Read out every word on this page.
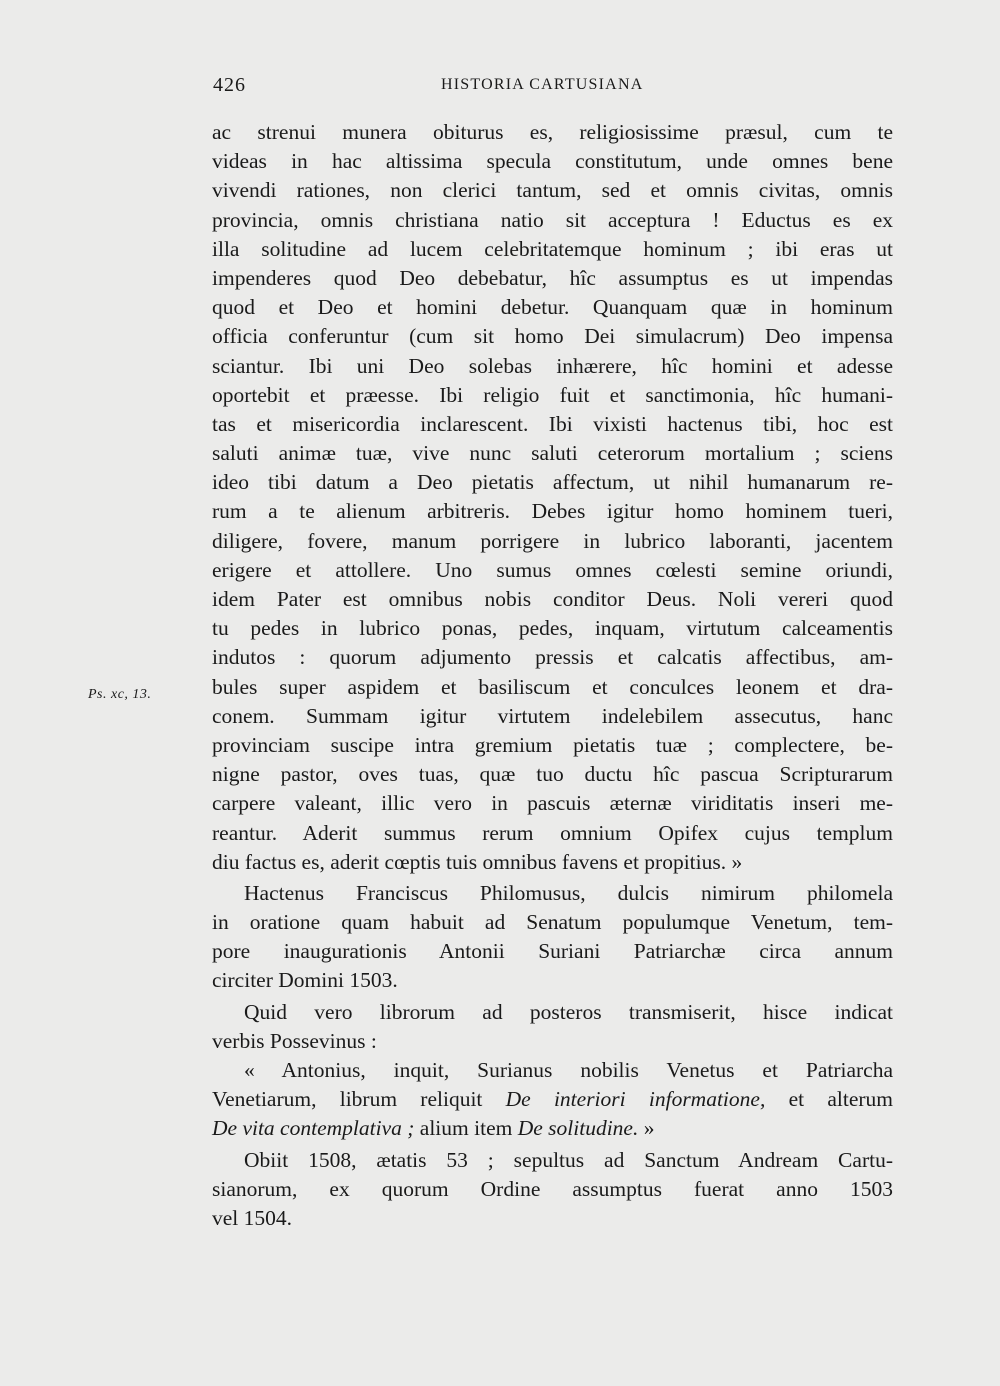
426	HISTORIA CARTUSIANA
Ps. xc, 13.

ac strenui munera obiturus es, religiosissime præsul, cum te
videas in hac altissima specula constitutum, unde omnes bene
vivendi rationes, non clerici tantum, sed et omnis civitas, omnis
provincia, omnis christiana natio sit acceptura ! Eductus es ex
illa solitudine ad lucem celebritatemque hominum ; ibi eras ut
impenderes quod Deo debebatur, hîc assumptus es ut impendas
quod et Deo et homini debetur. Quanquam quæ in hominum
officia conferuntur (cum sit homo Dei simulacrum) Deo impensa
sciantur. Ibi uni Deo solebas inhærere, hîc homini et adesse
oportebit et præesse. Ibi religio fuit et sanctimonia, hîc humani-
tas et misericordia inclarescent. Ibi vixisti hactenus tibi, hoc est
saluti animæ tuæ, vive nunc saluti ceterorum mortalium ; sciens
ideo tibi datum a Deo pietatis affectum, ut nihil humanarum re-
rum a te alienum arbitreris. Debes igitur homo hominem tueri,
diligere, fovere, manum porrigere in lubrico laboranti, jacentem
erigere et attollere. Uno sumus omnes cœlesti semine oriundi,
idem Pater est omnibus nobis conditor Deus. Noli vereri quod
tu pedes in lubrico ponas, pedes, inquam, virtutum calceamentis
indutos : quorum adjumento pressis et calcatis affectibus, am-
bules super aspidem et basiliscum et conculces leonem et dra-
conem. Summam igitur virtutem indelebilem assecutus, hanc
provinciam suscipe intra gremium pietatis tuæ ; complectere, be-
nigne pastor, oves tuas, quæ tuo ductu hîc pascua Scripturarum
carpere valeant, illic vero in pascuis æternæ viriditatis inseri me-
reantur. Aderit summus rerum omnium Opifex cujus templum
diu factus es, aderit cœptis tuis omnibus favens et propitius. »

Hactenus Franciscus Philomusus, dulcis nimirum philomela
in oratione quam habuit ad Senatum populumque Venetum, tem-
pore inaugurationis Antonii Suriani Patriarchæ circa annum
circiter Domini 1503.

Quid vero librorum ad posteros transmiserit, hisce indicat
verbis Possevinus :

« Antonius, inquit, Surianus nobilis Venetus et Patriarcha
Venetiarum, librum reliquit De interiori informatione, et alterum
De vita contemplativa ; alium item De solitudine. »

Obiit 1508, ætatis 53 ; sepultus ad Sanctum Andream Cartu-
sianorum, ex quorum Ordine assumptus fuerat anno 1503
vel 1504.
